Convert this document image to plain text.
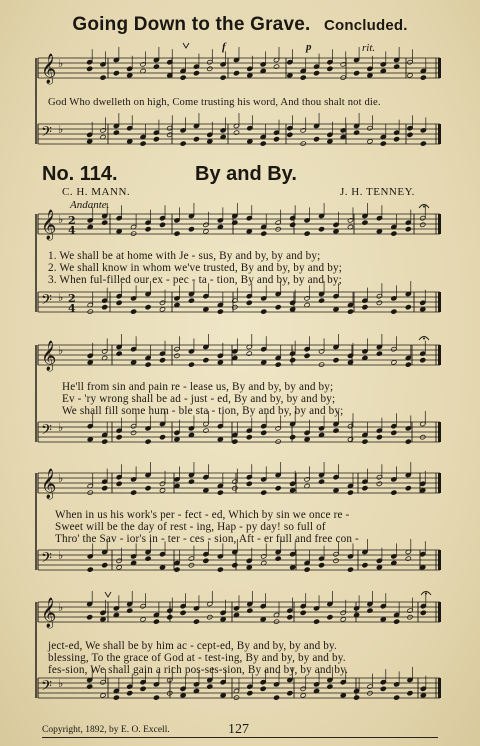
Going Down to the Grave. Concluded.
𝄞 ♭
𝄢 ♭
𝄞 ♭
𝄢 ♭
𝄞 ♭
𝄢 ♭
𝄞 ♭
𝄢 ♭
𝄞 ♭
𝄢 ♭
2
4
2
4
f	p	rit.
God Who dwelleth on high, Come trusting his word, And thou shalt not die.
No. 114.	By and By.
C. H. MANN.	J. H. TENNEY.
Andante.
1. We shall be at home with Je - sus, By and by, by and by;
2. We shall know in whom we've trusted, By and by, by and by;
3. When ful-filled our ex - pec - ta - tion, By and by, by and by;
He'll from sin and pain re - lease us, By and by, by and by;
Ev - 'ry wrong shall be ad - just - ed, By and by, by and by;
We shall fill some hum - ble sta - tion, By and by, by and by;
When in us his work's per - fect - ed, Which by sin we once re -
Sweet will be the day of rest - ing, Hap - py day! so full of
Thro' the Sav - ior's in - ter - ces - sion, Aft - er full and free con -
ject-ed, We shall be by him ac - cept-ed, By and by, by and by.
blessing, To the grace of God at - test-ing, By and by, by and by.
fes-sion, We shall gain a rich pos-ses-sion, By and by, by and by.
Copyright, 1892, by E. O. Excell.	127
